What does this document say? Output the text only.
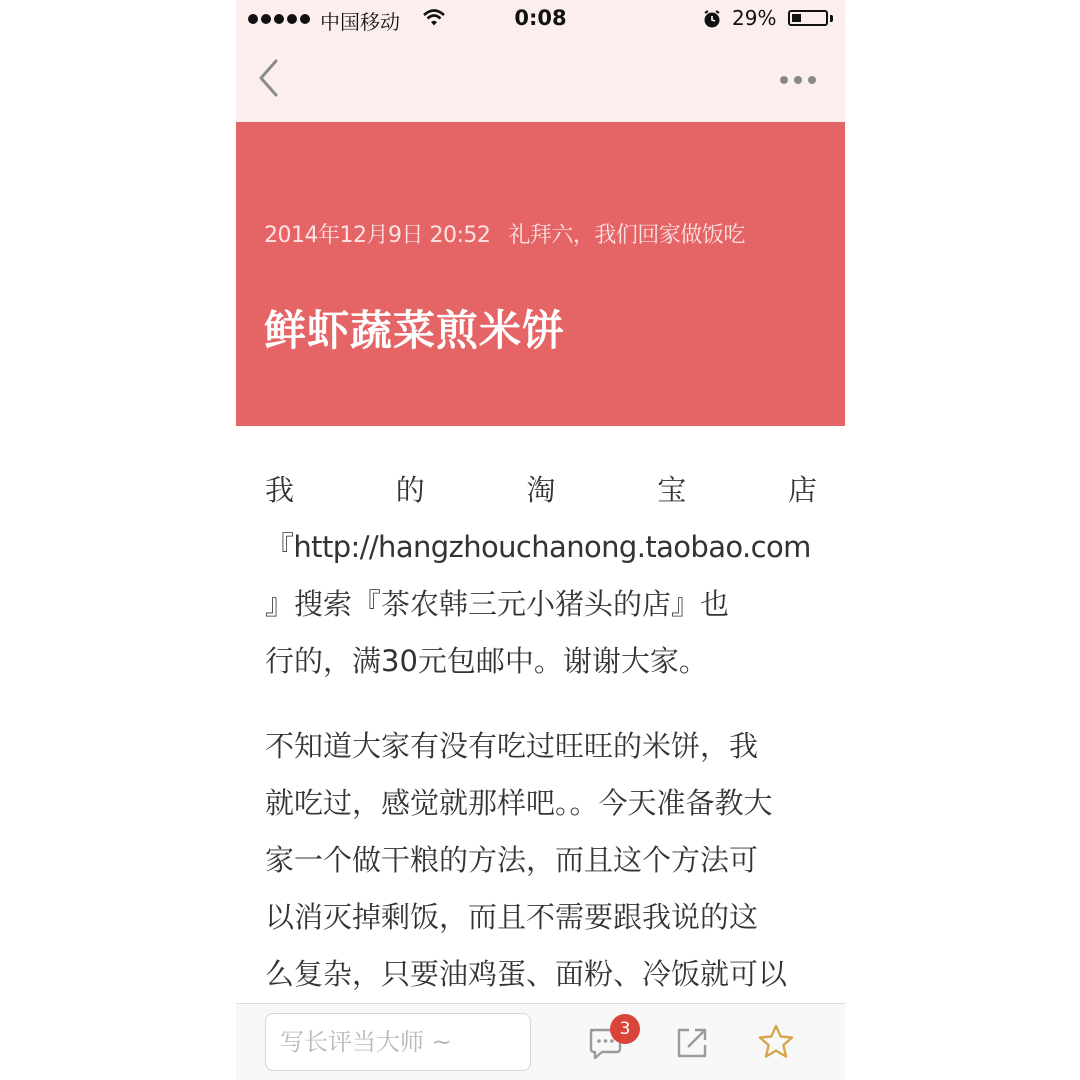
中国移动	0:08	29%
2014年12月9日 20:52 礼拜六，我们回家做饭吃
鲜虾蔬菜煎米饼

我	的	淘	宝	店
『http://hangzhouchanong.taobao.com
』搜索『茶农韩三元小猪头的店』也
行的，满30元包邮中。谢谢大家。

不知道大家有没有吃过旺旺的米饼，我
就吃过，感觉就那样吧。。今天准备教大
家一个做干粮的方法，而且这个方法可
以消灭掉剩饭，而且不需要跟我说的这
么复杂，只要油鸡蛋、面粉、冷饭就可以

写长评当大师 ~
3
